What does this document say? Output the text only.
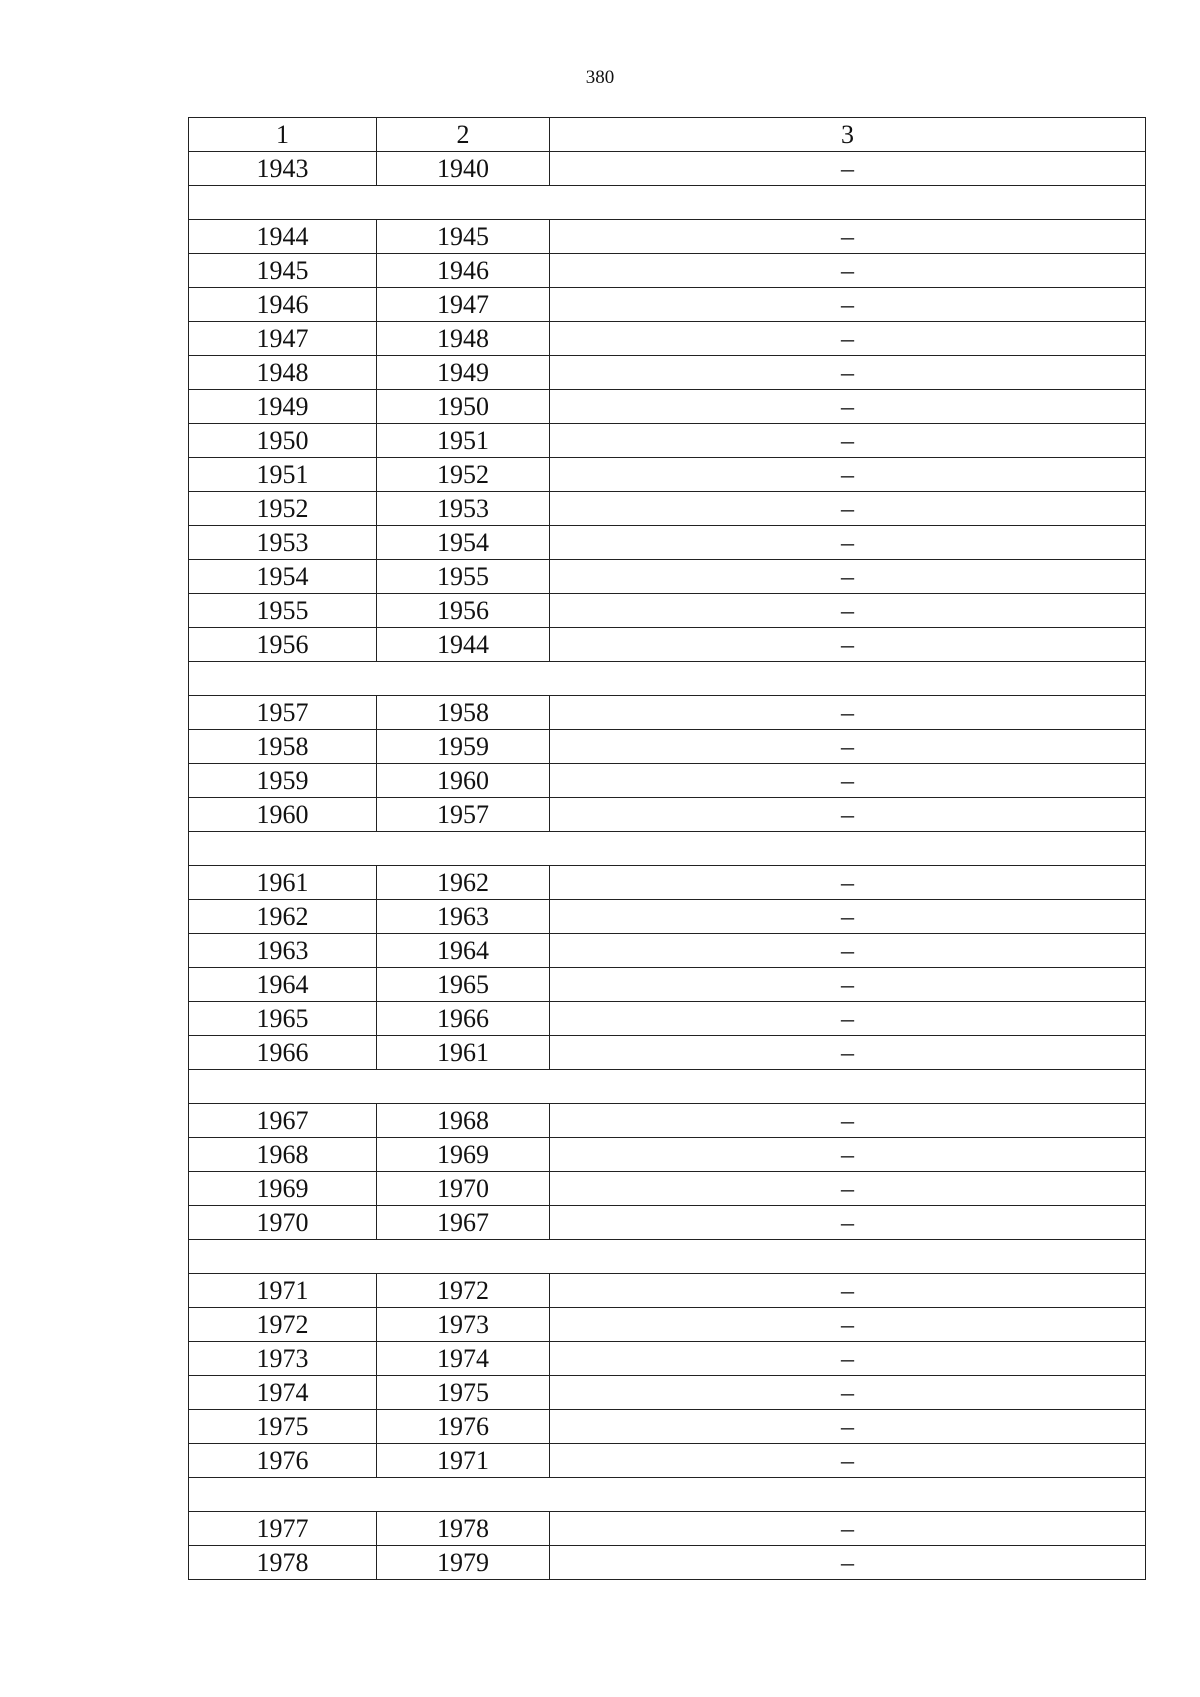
380
1	2	3
1943	1940	–

1944	1945	–
1945	1946	–
1946	1947	–
1947	1948	–
1948	1949	–
1949	1950	–
1950	1951	–
1951	1952	–
1952	1953	–
1953	1954	–
1954	1955	–
1955	1956	–
1956	1944	–

1957	1958	–
1958	1959	–
1959	1960	–
1960	1957	–

1961	1962	–
1962	1963	–
1963	1964	–
1964	1965	–
1965	1966	–
1966	1961	–

1967	1968	–
1968	1969	–
1969	1970	–
1970	1967	–

1971	1972	–
1972	1973	–
1973	1974	–
1974	1975	–
1975	1976	–
1976	1971	–

1977	1978	–
1978	1979	–
